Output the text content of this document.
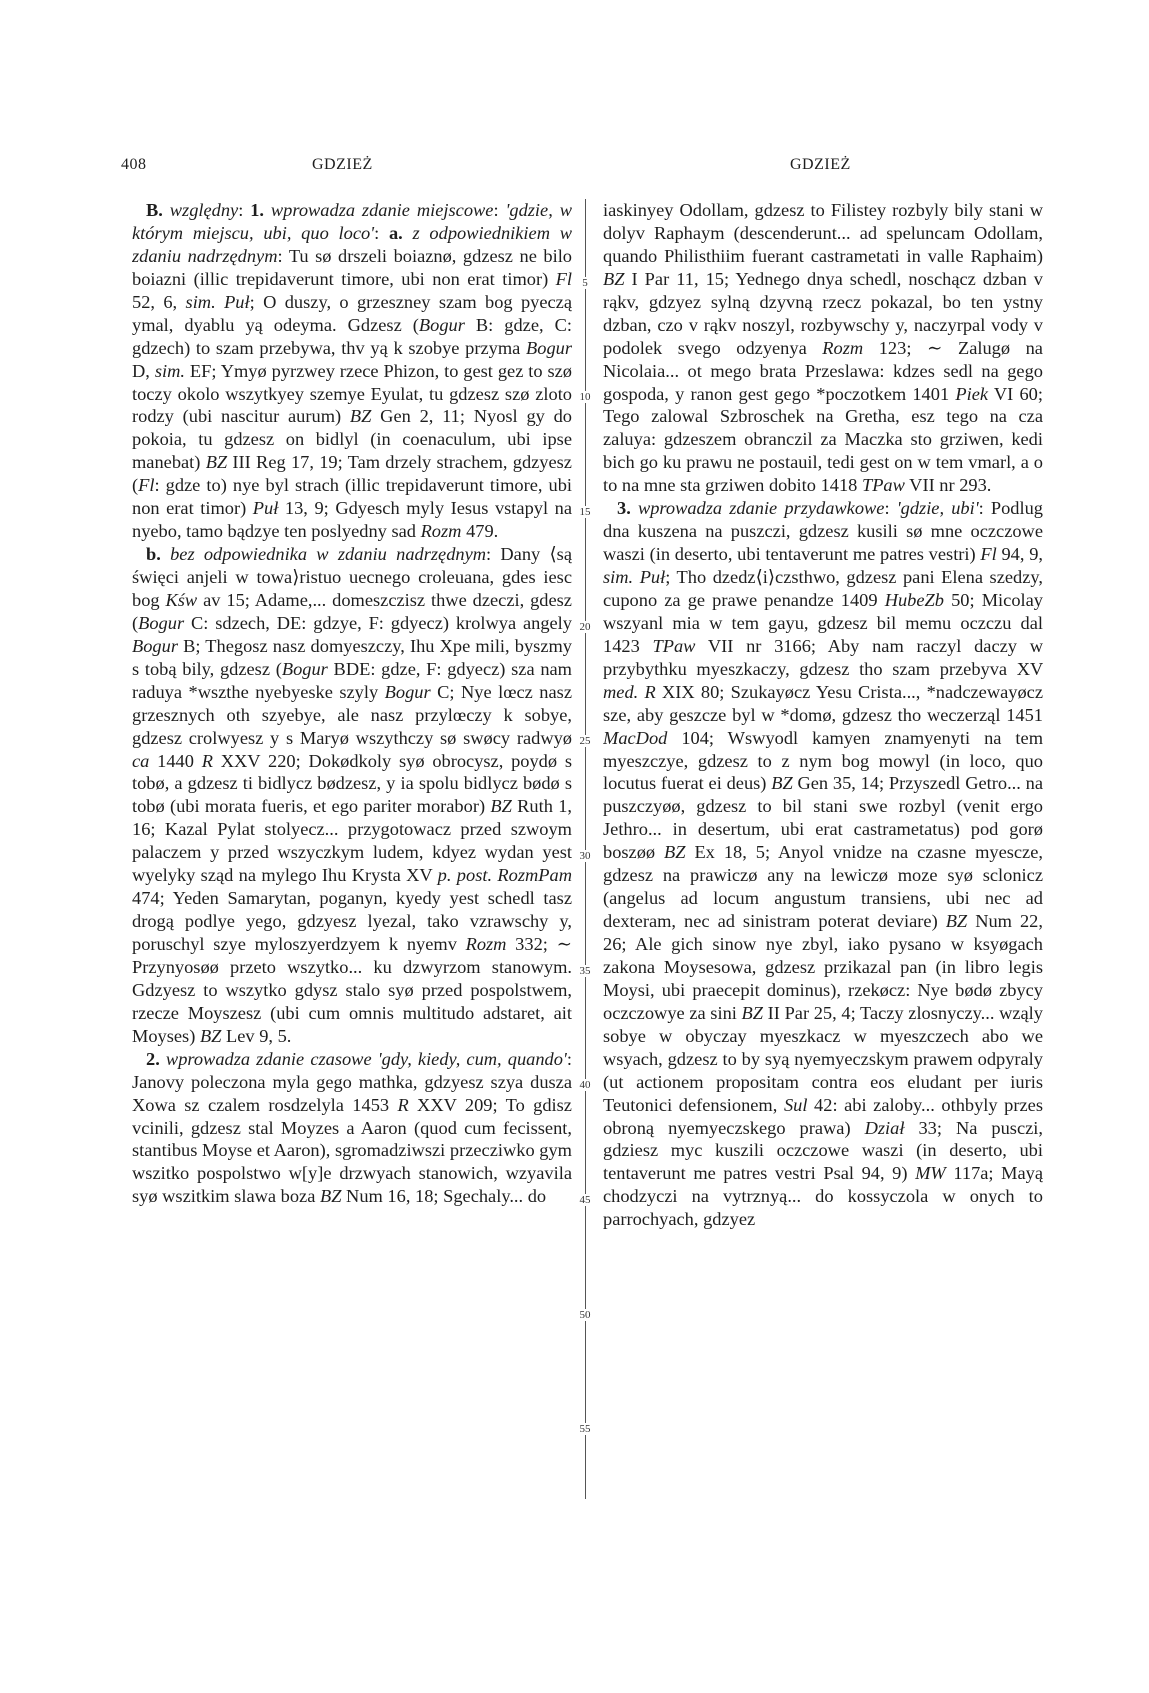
408	GDZIEŻ	GDZIEŻ
5
10
15
20
25
30
35
40
45
50
55

B. względny: 1. wprowadza zdanie miejscowe: 'gdzie, w którym miejscu, ubi, quo loco': a. z odpowiednikiem w zdaniu nadrzędnym: Tu sø drszeli boiaznø, gdzesz ne bilo boiazni (illic trepidaverunt timore, ubi non erat timor) Fl 52, 6, sim. Puł; O duszy, o grzeszney szam bog pyeczą ymal, dyablu yą odeyma. Gdzesz (Bogur B: gdze, C: gdzech) to szam przebywa, thv yą k szobye przyma Bogur D, sim. EF; Ymyø pyrzwey rzece Phizon, to gest gez to szø toczy okolo wszytkyey szemye Eyulat, tu gdzesz szø zloto rodzy (ubi nascitur aurum) BZ Gen 2, 11; Nyosl gy do pokoia, tu gdzesz on bidlyl (in coenaculum, ubi ipse manebat) BZ III Reg 17, 19; Tam drzely strachem, gdzyesz (Fl: gdze to) nye byl strach (illic trepidaverunt timore, ubi non erat timor) Puł 13, 9; Gdyesch myly Iesus vstapyl na nyebo, tamo bądzye ten poslyedny sad Rozm 479.

b. bez odpowiednika w zdaniu nadrzędnym: Dany ⟨są święci anjeli w towa⟩ristuo uecnego croleuana, gdes iesc bog Kśw av 15; Adame,... domeszczisz thwe dzeczi, gdesz (Bogur C: sdzech, DE: gdzye, F: gdyecz) krolwya angely Bogur B; Thegosz nasz domyeszczy, Ihu Xpe mili, byszmy s tobą bily, gdzesz (Bogur BDE: gdze, F: gdyecz) sza nam raduya *wszthe nyebyeske szyly Bogur C; Nye lœcz nasz grzesznych oth szyebye, ale nasz przylœczy k sobye, gdzesz crolwyesz y s Maryø wszythczy sø swøcy radwyø ca 1440 R XXV 220; Dokødkoly syø obrocysz, poydø s tobø, a gdzesz ti bidlycz bødzesz, y ia spolu bidlycz bødø s tobø (ubi morata fueris, et ego pariter morabor) BZ Ruth 1, 16; Kazal Pylat stolyecz... przygotowacz przed szwoym palaczem y przed wszyczkym ludem, kdyez wydan yest wyelyky sząd na mylego Ihu Krysta XV p. post. RozmPam 474; Yeden Samarytan, poganyn, kyedy yest schedl tasz drogą podlye yego, gdzyesz lyezal, tako vzrawschy y, poruschyl szye myloszyerdzyem k nyemv Rozm 332; ∼ Przynyosøø przeto wszytko... ku dzwyrzom stanowym. Gdzyesz to wszytko gdysz stalo syø przed pospolstwem, rzecze Moyszesz (ubi cum omnis multitudo adstaret, ait Moyses) BZ Lev 9, 5.

2. wprowadza zdanie czasowe 'gdy, kiedy, cum, quando': Janovy poleczona myla gego mathka, gdzyesz szya dusza Xowa sz czalem rosdzelyla 1453 R XXV 209; To gdisz vcinili, gdzesz stal Moyzes a Aaron (quod cum fecissent, stantibus Moyse et Aaron), sgromadziwszi przecziwko gym wszitko pospolstwo w[y]e drzwyach stanowich, wzyavila syø wszitkim slawa boza BZ Num 16, 18; Sgechaly... do

iaskinyey Odollam, gdzesz to Filistey rozbyly bily stani w dolyv Raphaym (descenderunt... ad speluncam Odollam, quando Philisthiim fuerant castrametati in valle Raphaim) BZ I Par 11, 15; Yednego dnya schedl, noschącz dzban v rąkv, gdzyez sylną dzyvną rzecz pokazal, bo ten ystny dzban, czo v rąkv noszyl, rozbywschy y, naczyrpal vody v podolek svego odzyenya Rozm 123; ∼ Zalugø na Nicolaia... ot mego brata Przeslawa: kdzes sedl na gego gospoda, y ranon gest gego *poczotkem 1401 Piek VI 60; Tego zalowal Szbroschek na Gretha, esz tego na cza zaluya: gdzeszem obranczil za Maczka sto grziwen, kedi bich go ku prawu ne postauil, tedi gest on w tem vmarl, a o to na mne sta grziwen dobito 1418 TPaw VII nr 293.

3. wprowadza zdanie przydawkowe: 'gdzie, ubi': Podlug dna kuszena na puszczi, gdzesz kusili sø mne oczczowe waszi (in deserto, ubi tentaverunt me patres vestri) Fl 94, 9, sim. Puł; Tho dzedz⟨i⟩czsthwo, gdzesz pani Elena szedzy, cupono za ge prawe penandze 1409 HubeZb 50; Micolay wszyanl mia w tem gayu, gdzesz bil memu oczczu dal 1423 TPaw VII nr 3166; Aby nam raczyl daczy w przybythku myeszkaczy, gdzesz tho szam przebyva XV med. R XIX 80; Szukayøcz Yesu Crista..., *nadczewayøcz sze, aby geszcze byl w *domø, gdzesz tho weczerząl 1451 MacDod 104; Wswyodl kamyen znamyenyti na tem myeszczye, gdzesz to z nym bog mowyl (in loco, quo locutus fuerat ei deus) BZ Gen 35, 14; Przyszedl Getro... na puszczyøø, gdzesz to bil stani swe rozbyl (venit ergo Jethro... in desertum, ubi erat castrametatus) pod gorø boszøø BZ Ex 18, 5; Anyol vnidze na czasne myescze, gdzesz na prawiczø any na lewiczø moze syø sclonicz (angelus ad locum angustum transiens, ubi nec ad dexteram, nec ad sinistram poterat deviare) BZ Num 22, 26; Ale gich sinow nye zbyl, iako pysano w ksyøgach zakona Moysesowa, gdzesz przikazal pan (in libro legis Moysi, ubi praecepit dominus), rzekøcz: Nye bødø zbycy oczczowye za sini BZ II Par 25, 4; Taczy zlosnyczy... wząly sobye w obyczay myeszkacz w myeszczech abo we wsyach, gdzesz to by syą nyemyeczskym prawem odpyraly (ut actionem propositam contra eos eludant per iuris Teutonici defensionem, Sul 42: abi zaloby... othbyly przes obroną nyemyeczskego prawa) Dział 33; Na pusczi, gdziesz myc kuszili oczczowe waszi (in deserto, ubi tentaverunt me patres vestri Psal 94, 9) MW 117a; Mayą chodzyczi na vytrznyą... do kossyczola w onych to parrochyach, gdzyez
